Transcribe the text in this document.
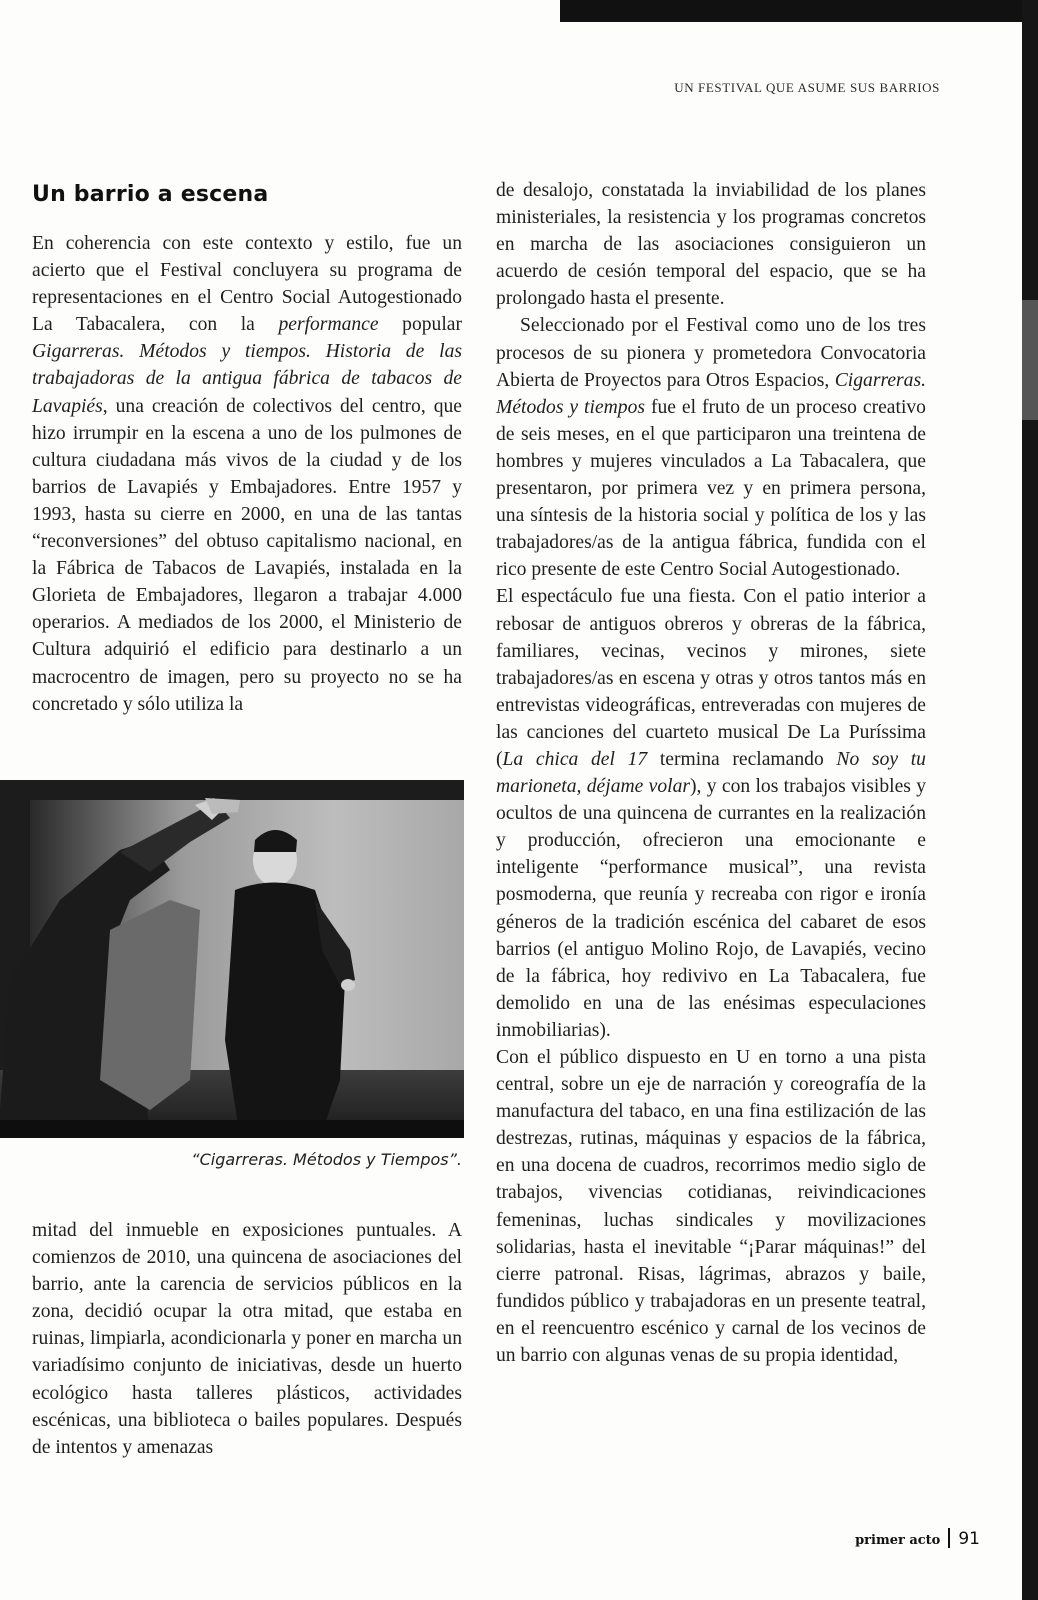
UN FESTIVAL QUE ASUME SUS BARRIOS
Un barrio a escena

En coherencia con este contexto y estilo, fue un acierto que el Festival concluyera su programa de representaciones en el Centro Social Autogestionado La Tabacalera, con la performance popular Gigarreras. Métodos y tiempos. Historia de las trabajadoras de la antigua fábrica de tabacos de Lavapiés, una creación de colectivos del centro, que hizo irrumpir en la escena a uno de los pulmones de cultura ciudadana más vivos de la ciudad y de los barrios de Lavapiés y Embajadores. Entre 1957 y 1993, hasta su cierre en 2000, en una de las tantas “reconversiones” del obtuso capitalismo nacional, en la Fábrica de Tabacos de Lavapiés, instalada en la Glorieta de Embajadores, llegaron a trabajar 4.000 operarios. A mediados de los 2000, el Ministerio de Cultura adquirió el edificio para destinarlo a un macrocentro de imagen, pero su proyecto no se ha concretado y sólo utiliza la

“Cigarreras. Métodos y Tiempos”.

mitad del inmueble en exposiciones puntuales. A comienzos de 2010, una quincena de asociaciones del barrio, ante la carencia de servicios públicos en la zona, decidió ocupar la otra mitad, que estaba en ruinas, limpiarla, acondicionarla y poner en marcha un variadísimo conjunto de iniciativas, desde un huerto ecológico hasta talleres plásticos, actividades escénicas, una biblioteca o bailes populares. Después de intentos y amenazas

de desalojo, constatada la inviabilidad de los planes ministeriales, la resistencia y los programas concretos en marcha de las asociaciones consiguieron un acuerdo de cesión temporal del espacio, que se ha prolongado hasta el presente.

Seleccionado por el Festival como uno de los tres procesos de su pionera y prometedora Convocatoria Abierta de Proyectos para Otros Espacios, Cigarreras. Métodos y tiempos fue el fruto de un proceso creativo de seis meses, en el que participaron una treintena de hombres y mujeres vinculados a La Tabacalera, que presentaron, por primera vez y en primera persona, una síntesis de la historia social y política de los y las trabajadores/as de la antigua fábrica, fundida con el rico presente de este Centro Social Autogestionado.

El espectáculo fue una fiesta. Con el patio interior a rebosar de antiguos obreros y obreras de la fábrica, familiares, vecinas, vecinos y mirones, siete trabajadores/as en escena y otras y otros tantos más en entrevistas videográficas, entreveradas con mujeres de las canciones del cuarteto musical De La Puríssima (La chica del 17 termina reclamando No soy tu marioneta, déjame volar), y con los trabajos visibles y ocultos de una quincena de currantes en la realización y producción, ofrecieron una emocionante e inteligente “performance musical”, una revista posmoderna, que reunía y recreaba con rigor e ironía géneros de la tradición escénica del cabaret de esos barrios (el antiguo Molino Rojo, de Lavapiés, vecino de la fábrica, hoy redivivo en La Tabacalera, fue demolido en una de las enésimas especulaciones inmobiliarias).

Con el público dispuesto en U en torno a una pista central, sobre un eje de narración y coreografía de la manufactura del tabaco, en una fina estilización de las destrezas, rutinas, máquinas y espacios de la fábrica, en una docena de cuadros, recorrimos medio siglo de trabajos, vivencias cotidianas, reivindicaciones femeninas, luchas sindicales y movilizaciones solidarias, hasta el inevitable “¡Parar máquinas!” del cierre patronal. Risas, lágrimas, abrazos y baile, fundidos público y trabajadoras en un presente teatral, en el reencuentro escénico y carnal de los vecinos de un barrio con algunas venas de su propia identidad,

primer acto 91
